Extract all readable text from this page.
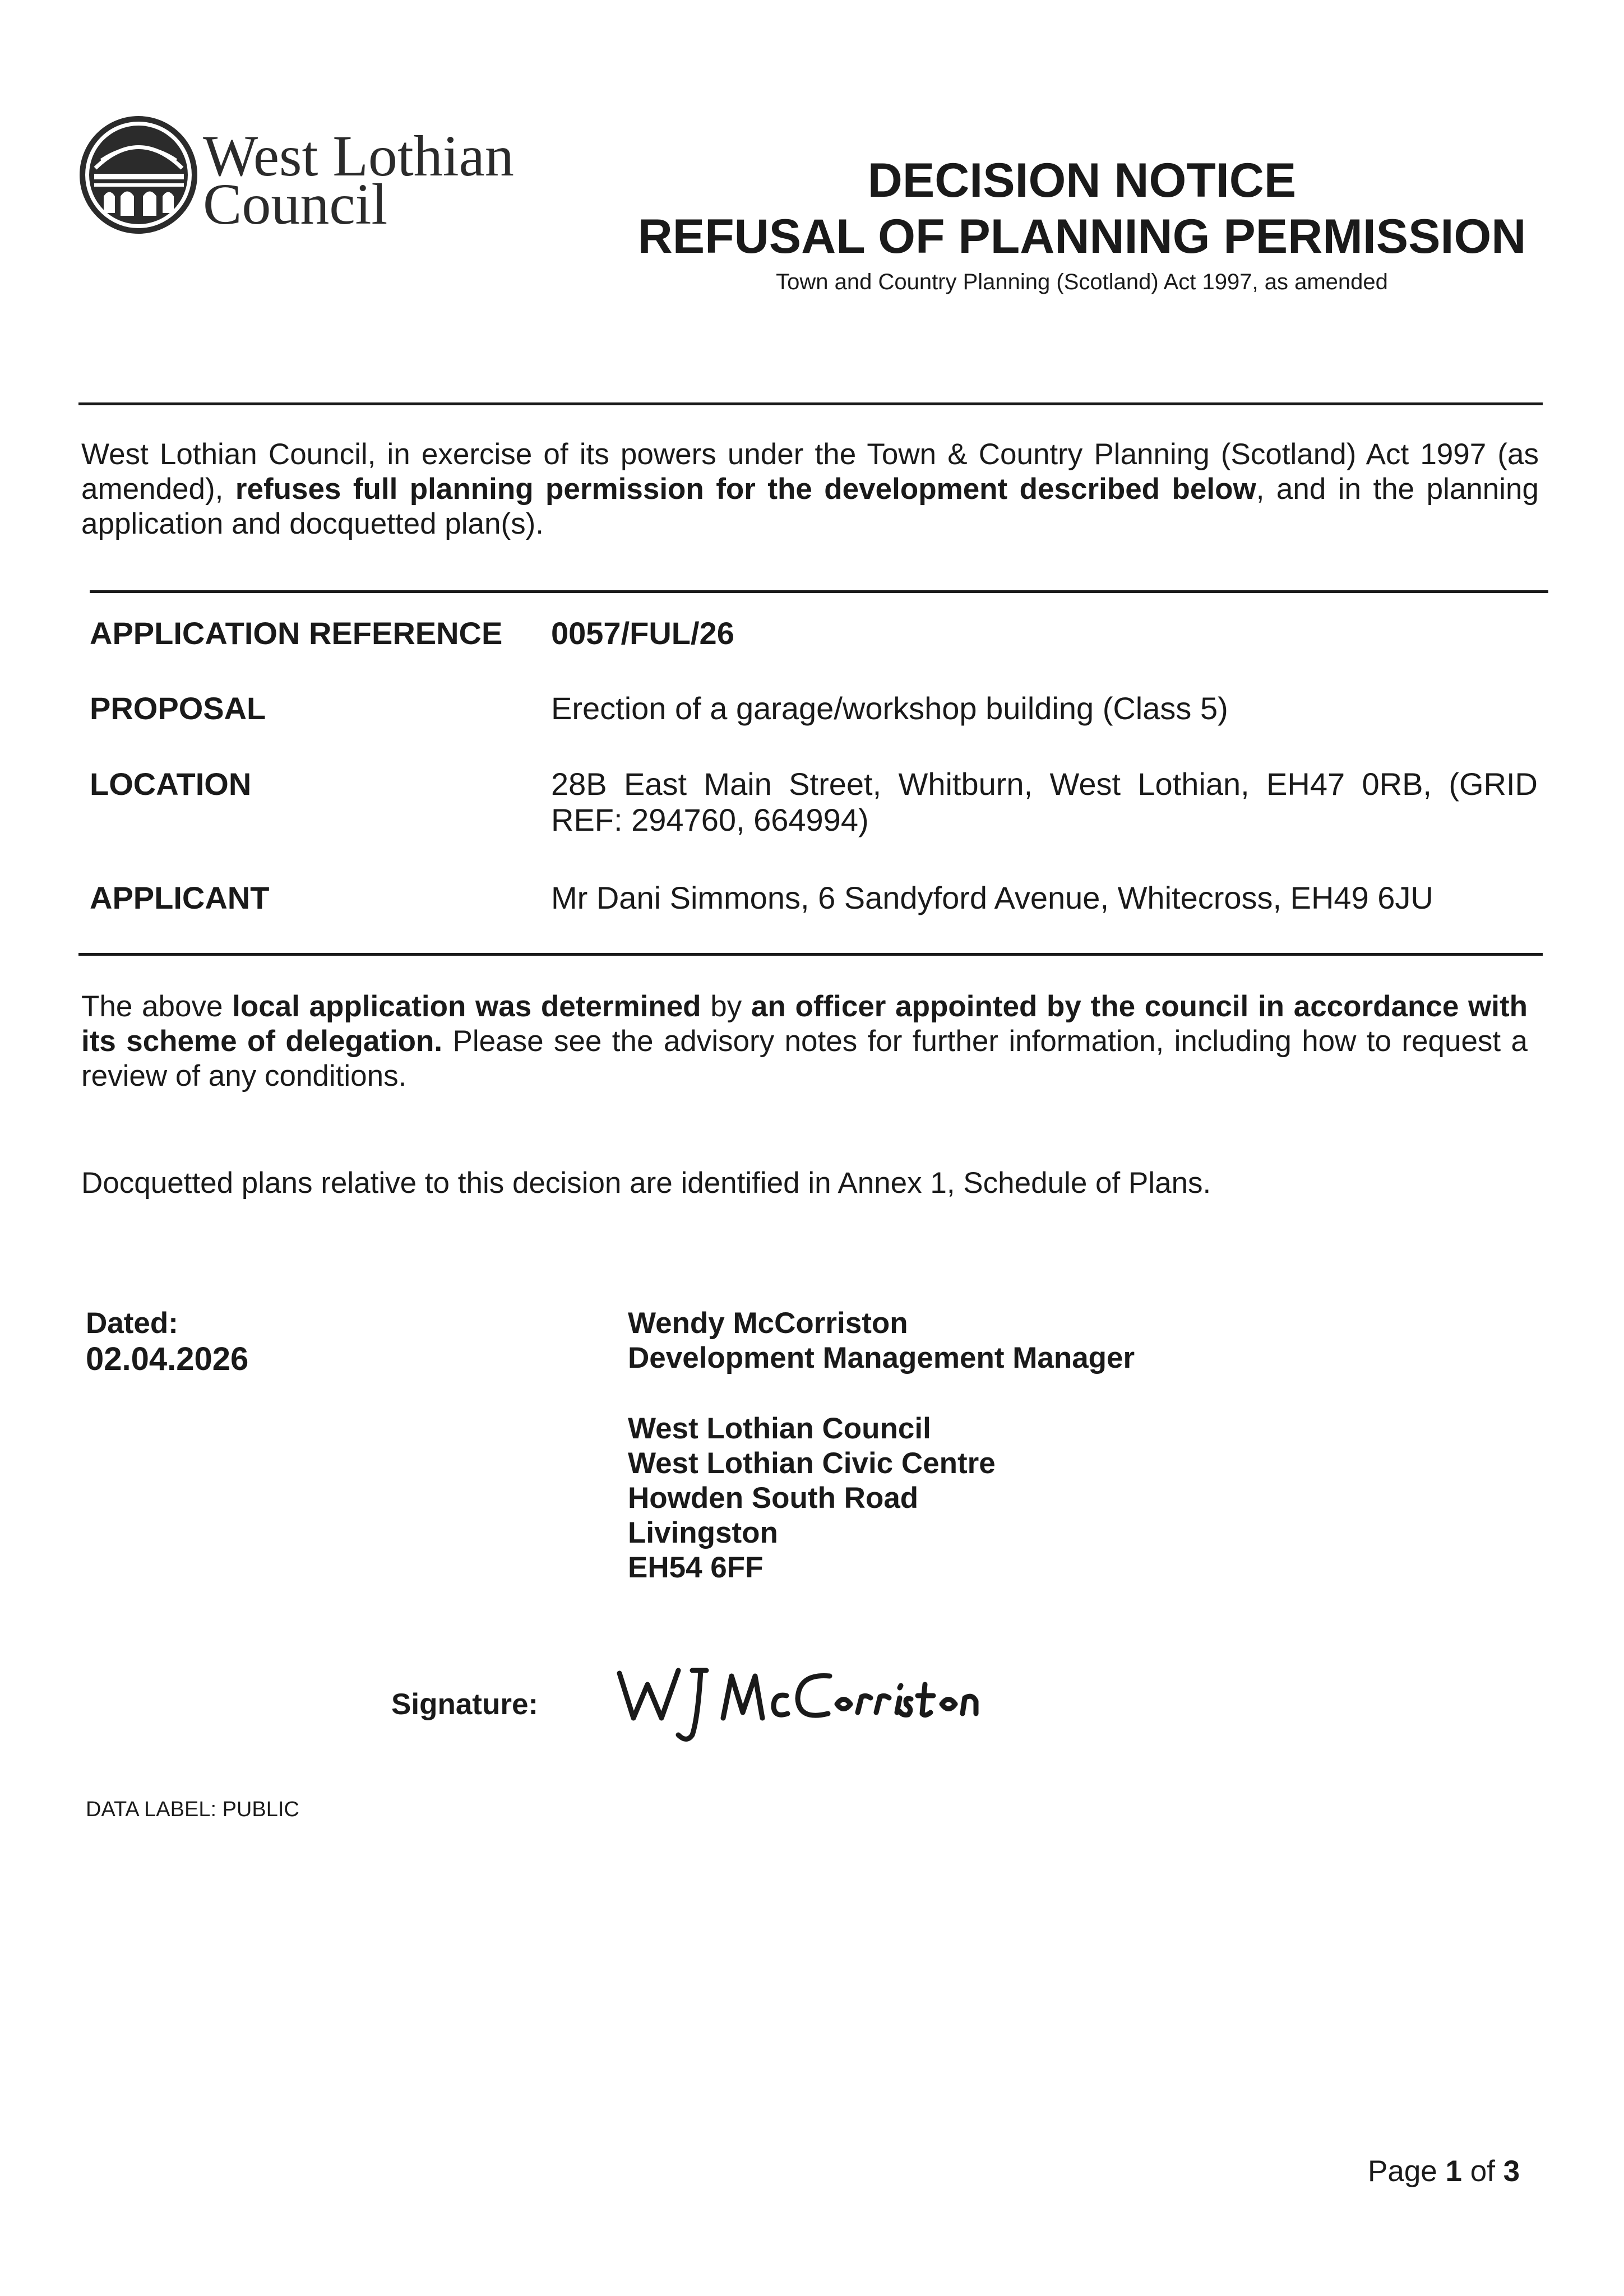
West Lothian
Council	DECISION NOTICE
REFUSAL OF PLANNING PERMISSION
Town and Country Planning (Scotland) Act 1997, as amended
West Lothian Council, in exercise of its powers under the Town & Country Planning (Scotland) Act 1997 (as amended), refuses full planning permission for the development described below, and in the planning application and docquetted plan(s).
APPLICATION REFERENCE 0057/FUL/26
PROPOSAL	Erection of a garage/workshop building (Class 5)
LOCATION	28B East Main Street, Whitburn, West Lothian, EH47 0RB, (GRID REF: 294760, 664994)
APPLICANT	Mr Dani Simmons, 6 Sandyford Avenue, Whitecross, EH49 6JU
The above local application was determined by an officer appointed by the council in accordance with its scheme of delegation. Please see the advisory notes for further information, including how to request a review of any conditions.
Docquetted plans relative to this decision are identified in Annex 1, Schedule of Plans.
Dated:
02.04.2026
Wendy McCorriston
Development Management Manager
West Lothian Council
West Lothian Civic Centre
Howden South Road
Livingston
EH54 6FF
Signature:
DATA LABEL: PUBLIC
Page 1 of 3
